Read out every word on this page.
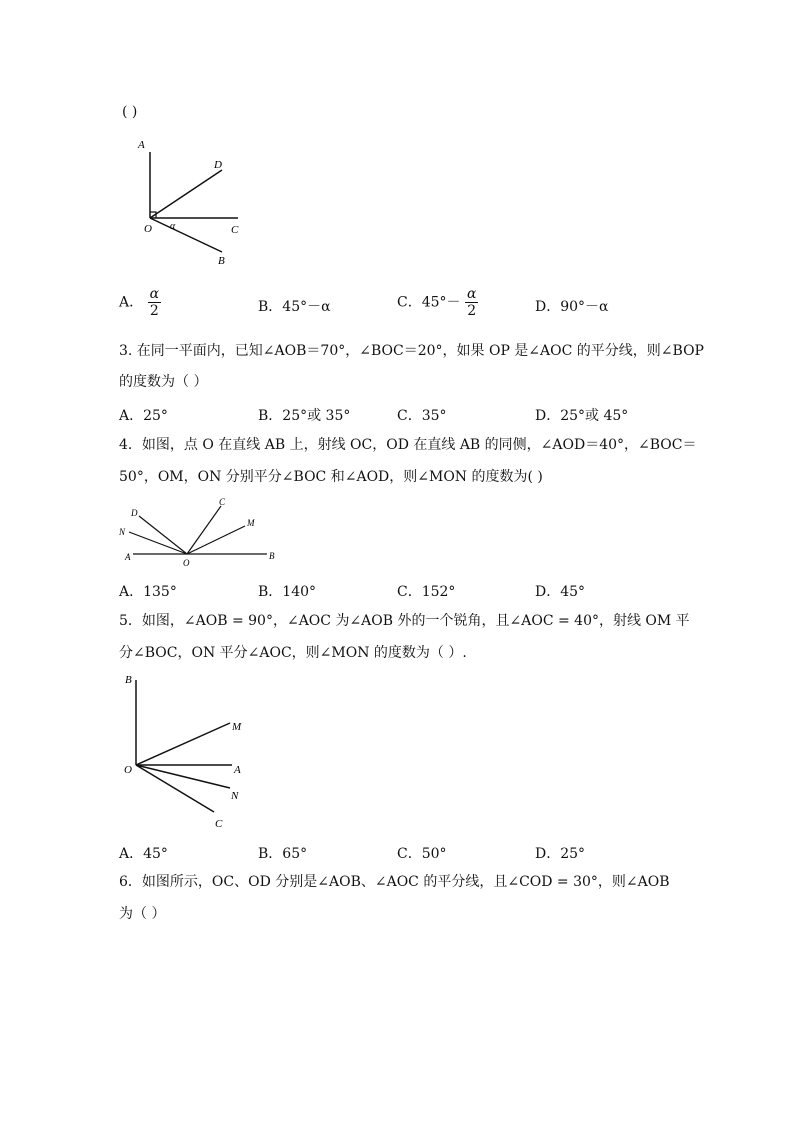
( )
A
D
O α	C
B
A． $\frac{\alpha}{2}$	B．45°－α	C．$45^\circ- \frac{\alpha}{2}$	D．90°－α
3. 在同一平面内，已知∠AOB＝70°，∠BOC＝20°，如果 OP 是∠AOC 的平分线，则∠BOP
的度数为（ ）
A．25°	B．25°或 35°	C．35°	D．25°或 45°
4．如图，点 O 在直线 AB 上，射线 OC，OD 在直线 AB 的同侧，∠AOD＝40°，∠BOC＝
50°，OM，ON 分别平分∠BOC 和∠AOD，则∠MON 的度数为( )
D
C
M
N
A
O
B
A．135°	B．140°	C．152°	D．45°
5．如图，∠AOB = 90°，∠AOC 为∠AOB 外的一个锐角，且∠AOC = 40°，射线 OM 平
分∠BOC，ON 平分∠AOC，则∠MON 的度数为（ ）.
B
M
O	A
N
C
A．45°	B．65°	C．50°	D．25°
6．如图所示，OC、OD 分别是∠AOB、∠AOC 的平分线，且∠COD = 30°，则∠AOB
为（ ）
